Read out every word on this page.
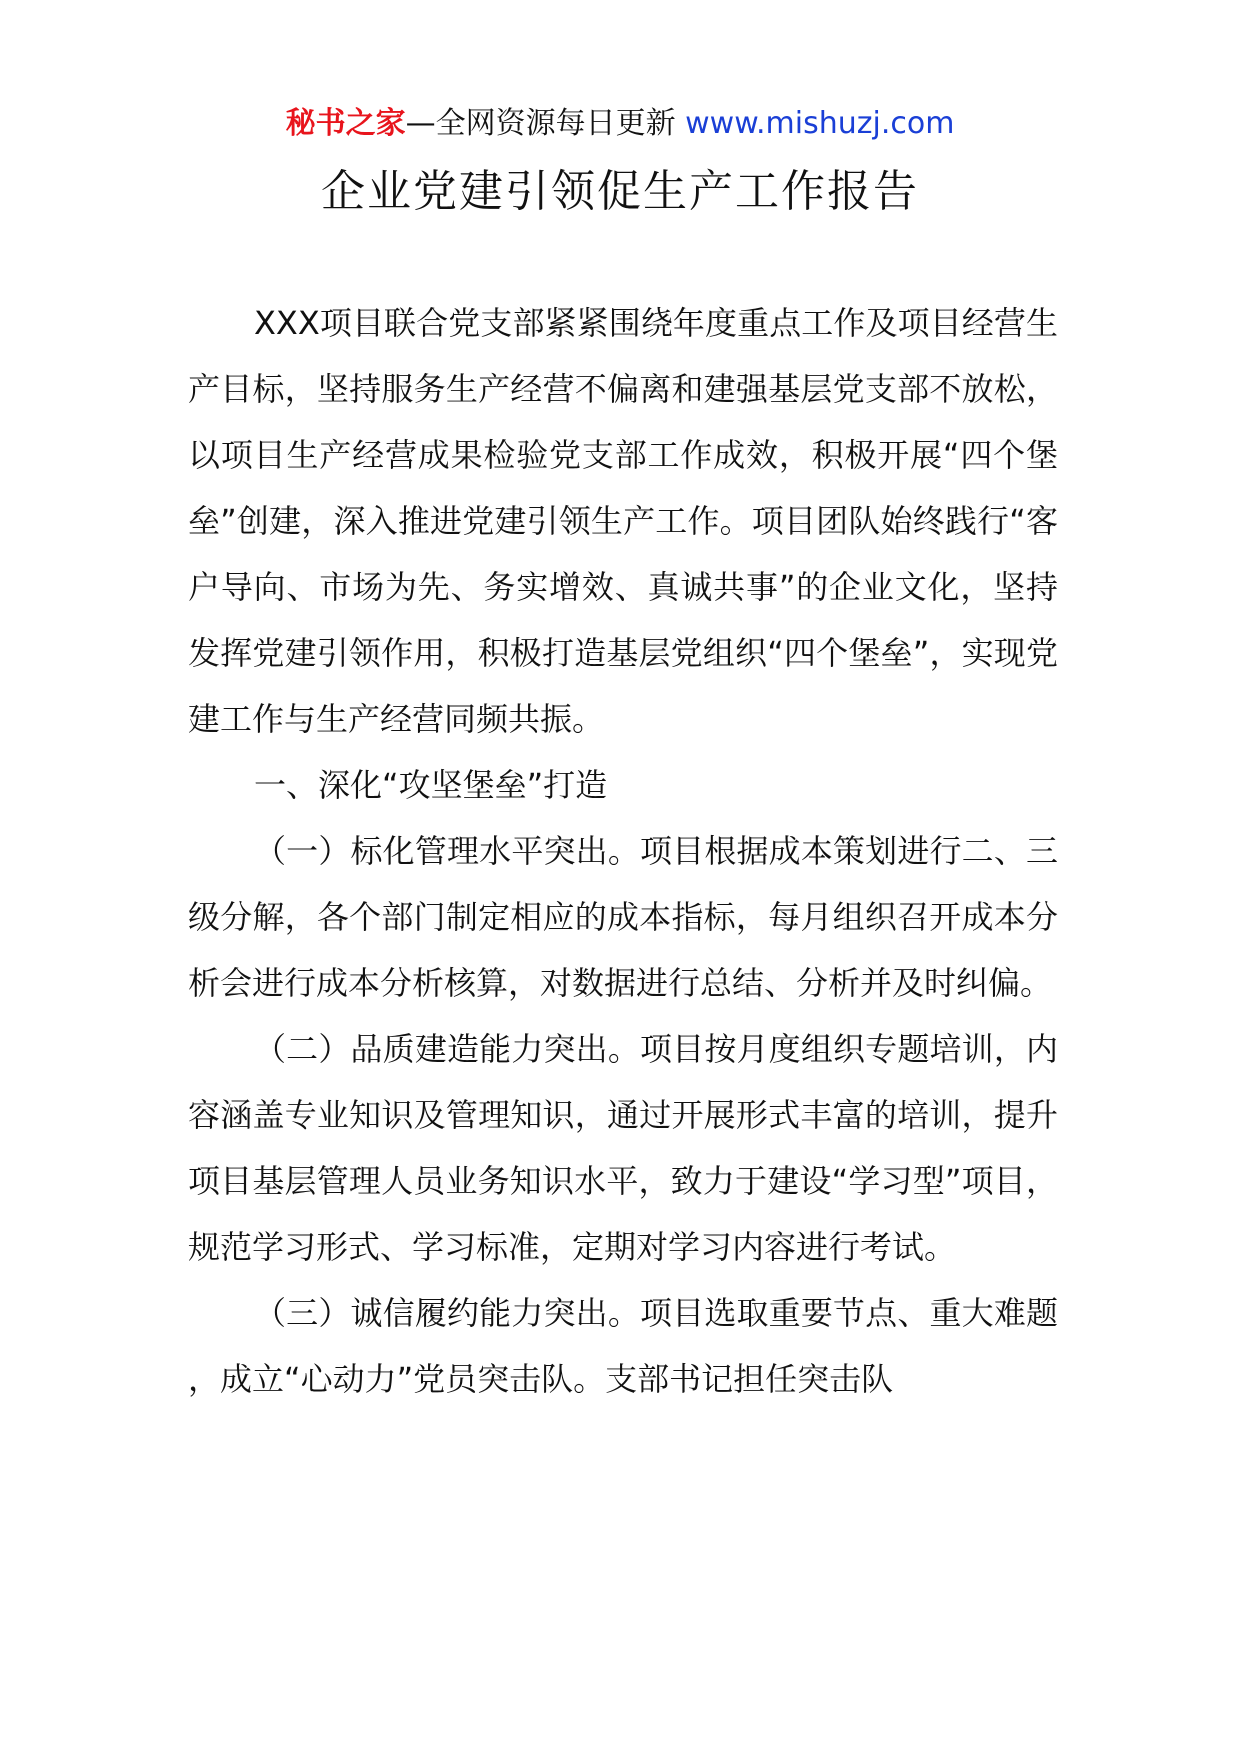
秘书之家—全网资源每日更新 www.mishuzj.com
企业党建引领促生产工作报告

XXX项目联合党支部紧紧围绕年度重点工作及项目经营生产目标，坚持服务生产经营不偏离和建强基层党支部不放松，以项目生产经营成果检验党支部工作成效，积极开展“四个堡垒”创建，深入推进党建引领生产工作。项目团队始终践行“客户导向、市场为先、务实增效、真诚共事”的企业文化，坚持发挥党建引领作用，积极打造基层党组织“四个堡垒”，实现党建工作与生产经营同频共振。

一、深化“攻坚堡垒”打造

（一）标化管理水平突出。项目根据成本策划进行二、三级分解，各个部门制定相应的成本指标，每月组织召开成本分析会进行成本分析核算，对数据进行总结、分析并及时纠偏。

（二）品质建造能力突出。项目按月度组织专题培训，内容涵盖专业知识及管理知识，通过开展形式丰富的培训，提升项目基层管理人员业务知识水平，致力于建设“学习型”项目，规范学习形式、学习标准，定期对学习内容进行考试。

（三）诚信履约能力突出。项目选取重要节点、重大难题，成立“心动力”党员突击队。支部书记担任突击队
